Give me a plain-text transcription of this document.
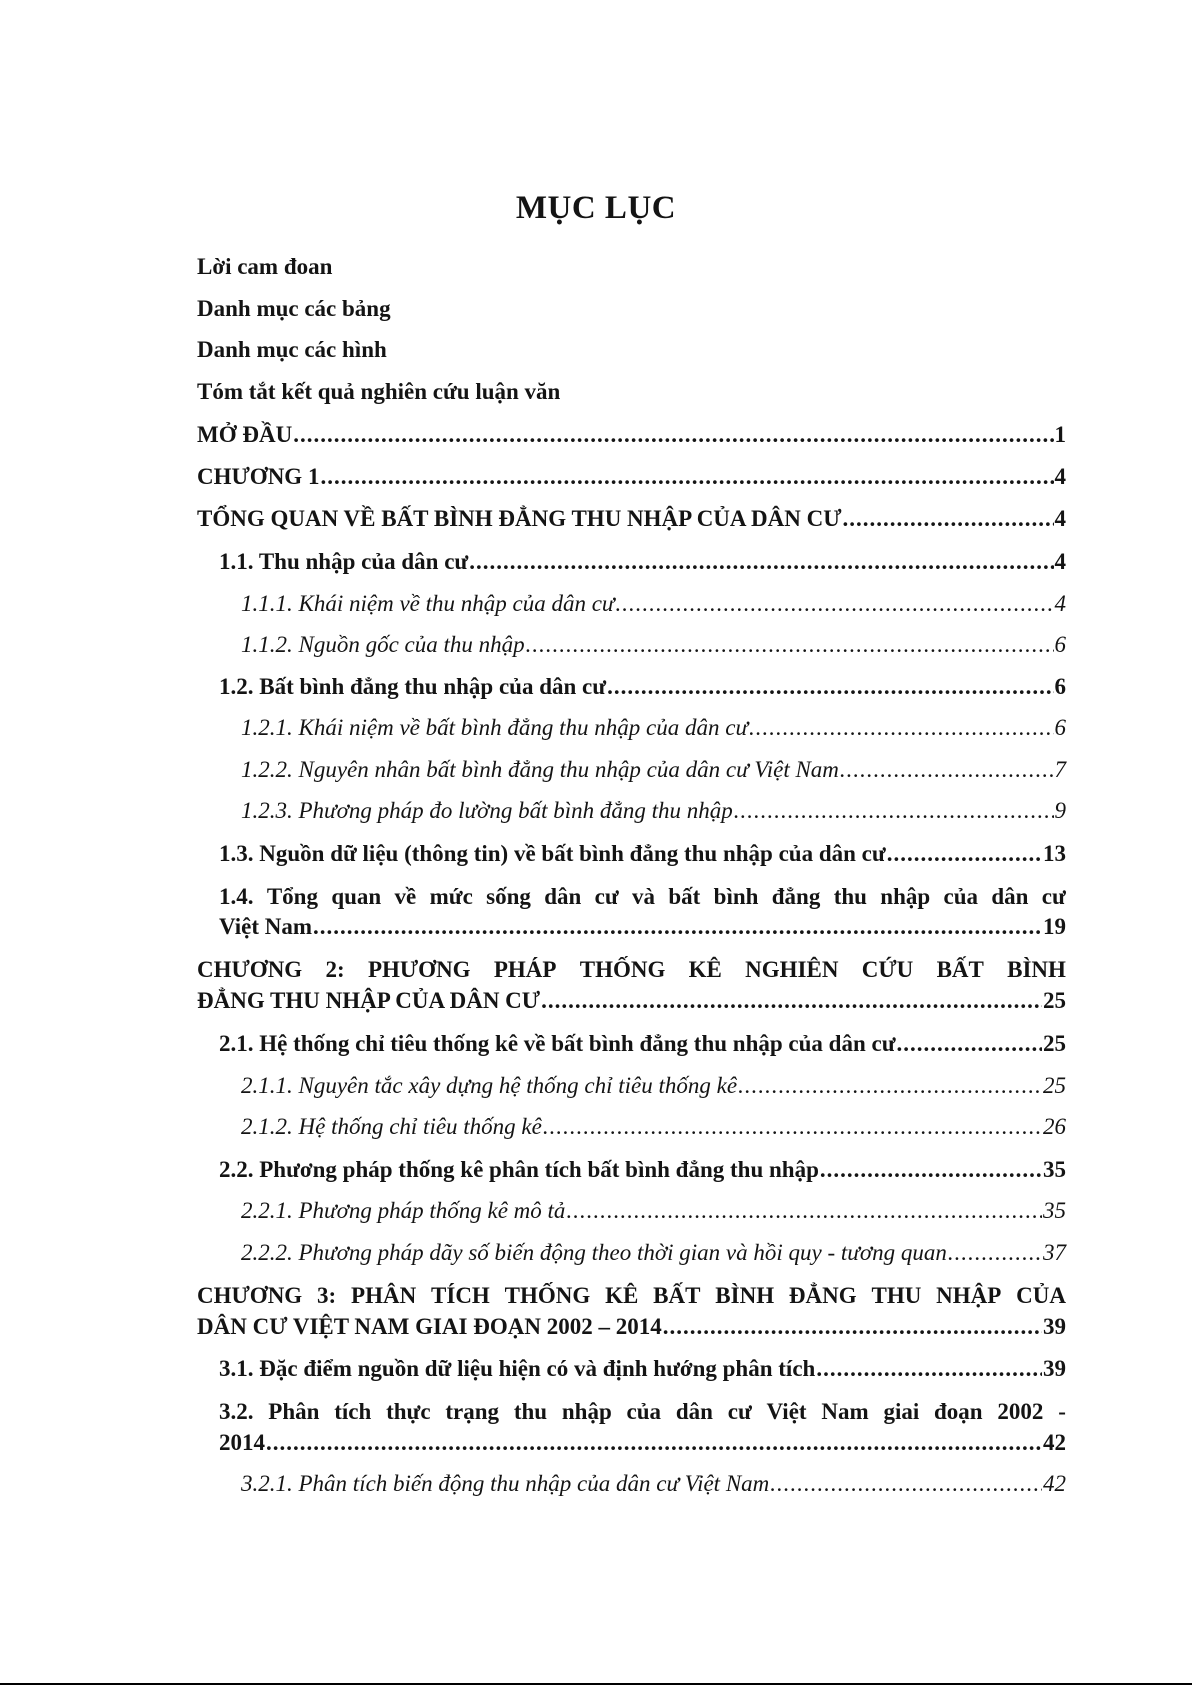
MỤC LỤC
Lời cam đoan
Danh mục các bảng
Danh mục các hình
Tóm tắt kết quả nghiên cứu luận văn
MỞ ĐẦU .....	1
CHƯƠNG 1 .....	4
TỔNG QUAN VỀ BẤT BÌNH ĐẲNG THU NHẬP CỦA DÂN CƯ .....	4
1.1. Thu nhập của dân cư .....	4
1.1.1. Khái niệm về thu nhập của dân cư .....	4
1.1.2. Nguồn gốc của thu nhập .....	6
1.2. Bất bình đẳng thu nhập của dân cư .....	6
1.2.1. Khái niệm về bất bình đẳng thu nhập của dân cư .....	6
1.2.2. Nguyên nhân bất bình đẳng thu nhập của dân cư Việt Nam .....	7
1.2.3. Phương pháp đo lường bất bình đẳng thu nhập .....	9
1.3. Nguồn dữ liệu (thông tin) về bất bình đẳng thu nhập của dân cư .....	13
1.4. Tổng quan về mức sống dân cư và bất bình đẳng thu nhập của dân cư
Việt Nam .....	19
CHƯƠNG 2: PHƯƠNG PHÁP THỐNG KÊ NGHIÊN CỨU BẤT BÌNH
ĐẲNG THU NHẬP CỦA DÂN CƯ .....	25
2.1. Hệ thống chỉ tiêu thống kê về bất bình đẳng thu nhập của dân cư .....	25
2.1.1. Nguyên tắc xây dựng hệ thống chỉ tiêu thống kê .....	25
2.1.2. Hệ thống chỉ tiêu thống kê .....	26
2.2. Phương pháp thống kê phân tích bất bình đẳng thu nhập .....	35
2.2.1. Phương pháp thống kê mô tả .....	35
2.2.2. Phương pháp dãy số biến động theo thời gian và hồi quy - tương quan .....	37
CHƯƠNG 3: PHÂN TÍCH THỐNG KÊ BẤT BÌNH ĐẲNG THU NHẬP CỦA
DÂN CƯ VIỆT NAM GIAI ĐOẠN 2002 – 2014 .....	39
3.1. Đặc điểm nguồn dữ liệu hiện có và định hướng phân tích .....	39
3.2. Phân tích thực trạng thu nhập của dân cư Việt Nam giai đoạn 2002 -
2014 .....	42
3.2.1. Phân tích biến động thu nhập của dân cư Việt Nam .....	42
